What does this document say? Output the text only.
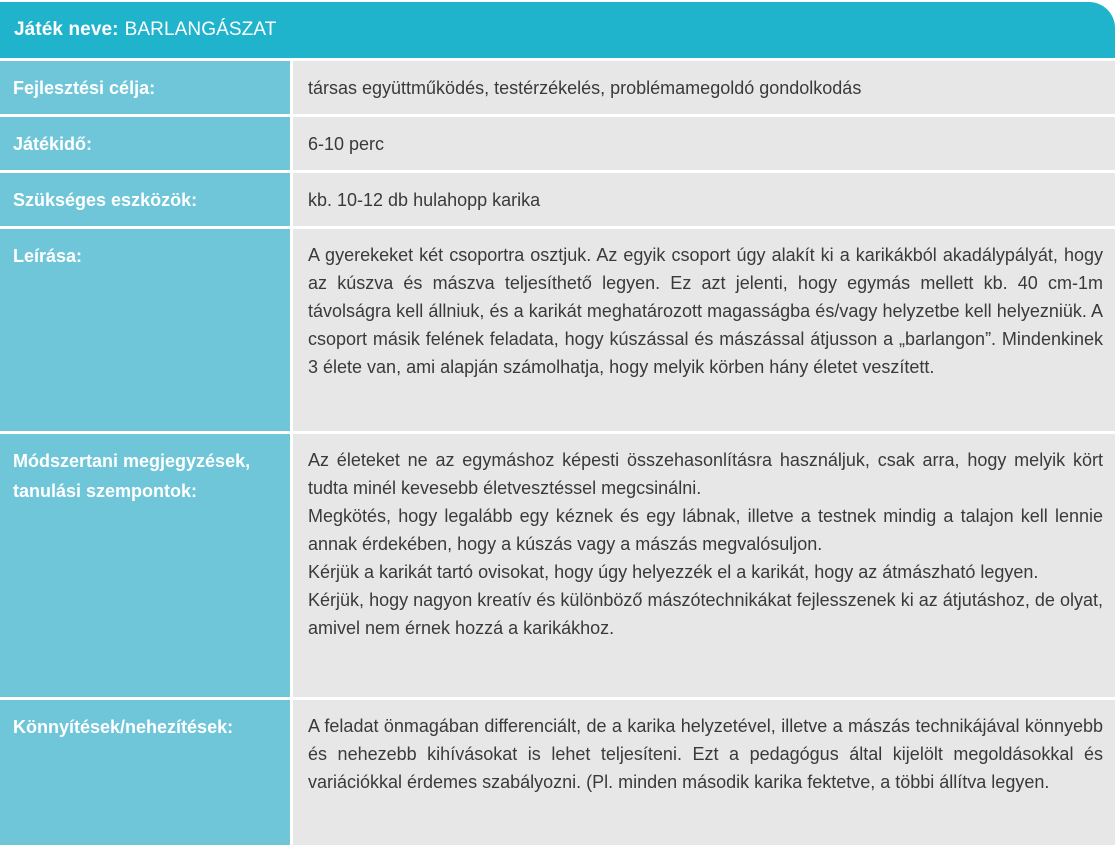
Játék neve: BARLANGÁSZAT
Fejlesztési célja:	társas együttműködés, testérzékelés, problémamegoldó gondolkodás
Játékidő:	6-10 perc
Szükséges eszközök:	kb. 10-12 db hulahopp karika
Leírása:	A gyerekeket két csoportra osztjuk. Az egyik csoport úgy alakít ki a karikákból akadálypályát, hogy az kúszva és mászva teljesíthető legyen. Ez azt jelenti, hogy egymás mellett kb. 40 cm-1m távolságra kell állniuk, és a karikát meghatározott magasságba és/vagy helyzetbe kell helyezniük. A csoport másik felének feladata, hogy kúszással és mászással átjusson a „barlangon”. Mindenkinek 3 élete van, ami alapján számolhatja, hogy melyik körben hány életet veszített.
Módszertani megjegyzések, tanulási szempontok:
Az életeket ne az egymáshoz képesti összehasonlításra használjuk, csak arra, hogy melyik kört tudta minél kevesebb életvesztéssel megcsinálni.
Megkötés, hogy legalább egy kéznek és egy lábnak, illetve a testnek mindig a talajon kell lennie annak érdekében, hogy a kúszás vagy a mászás megvalósuljon.
Kérjük a karikát tartó ovisokat, hogy úgy helyezzék el a karikát, hogy az átmászható legyen.
Kérjük, hogy nagyon kreatív és különböző mászótechnikákat fejlesszenek ki az átjutáshoz, de olyat, amivel nem érnek hozzá a karikákhoz.
Könnyítések/nehezítések:	A feladat önmagában differenciált, de a karika helyzetével, illetve a mászás technikájával könnyebb és nehezebb kihívásokat is lehet teljesíteni. Ezt a pedagógus által kijelölt megoldásokkal és variációkkal érdemes szabályozni. (Pl. minden második karika fektetve, a többi állítva legyen.
